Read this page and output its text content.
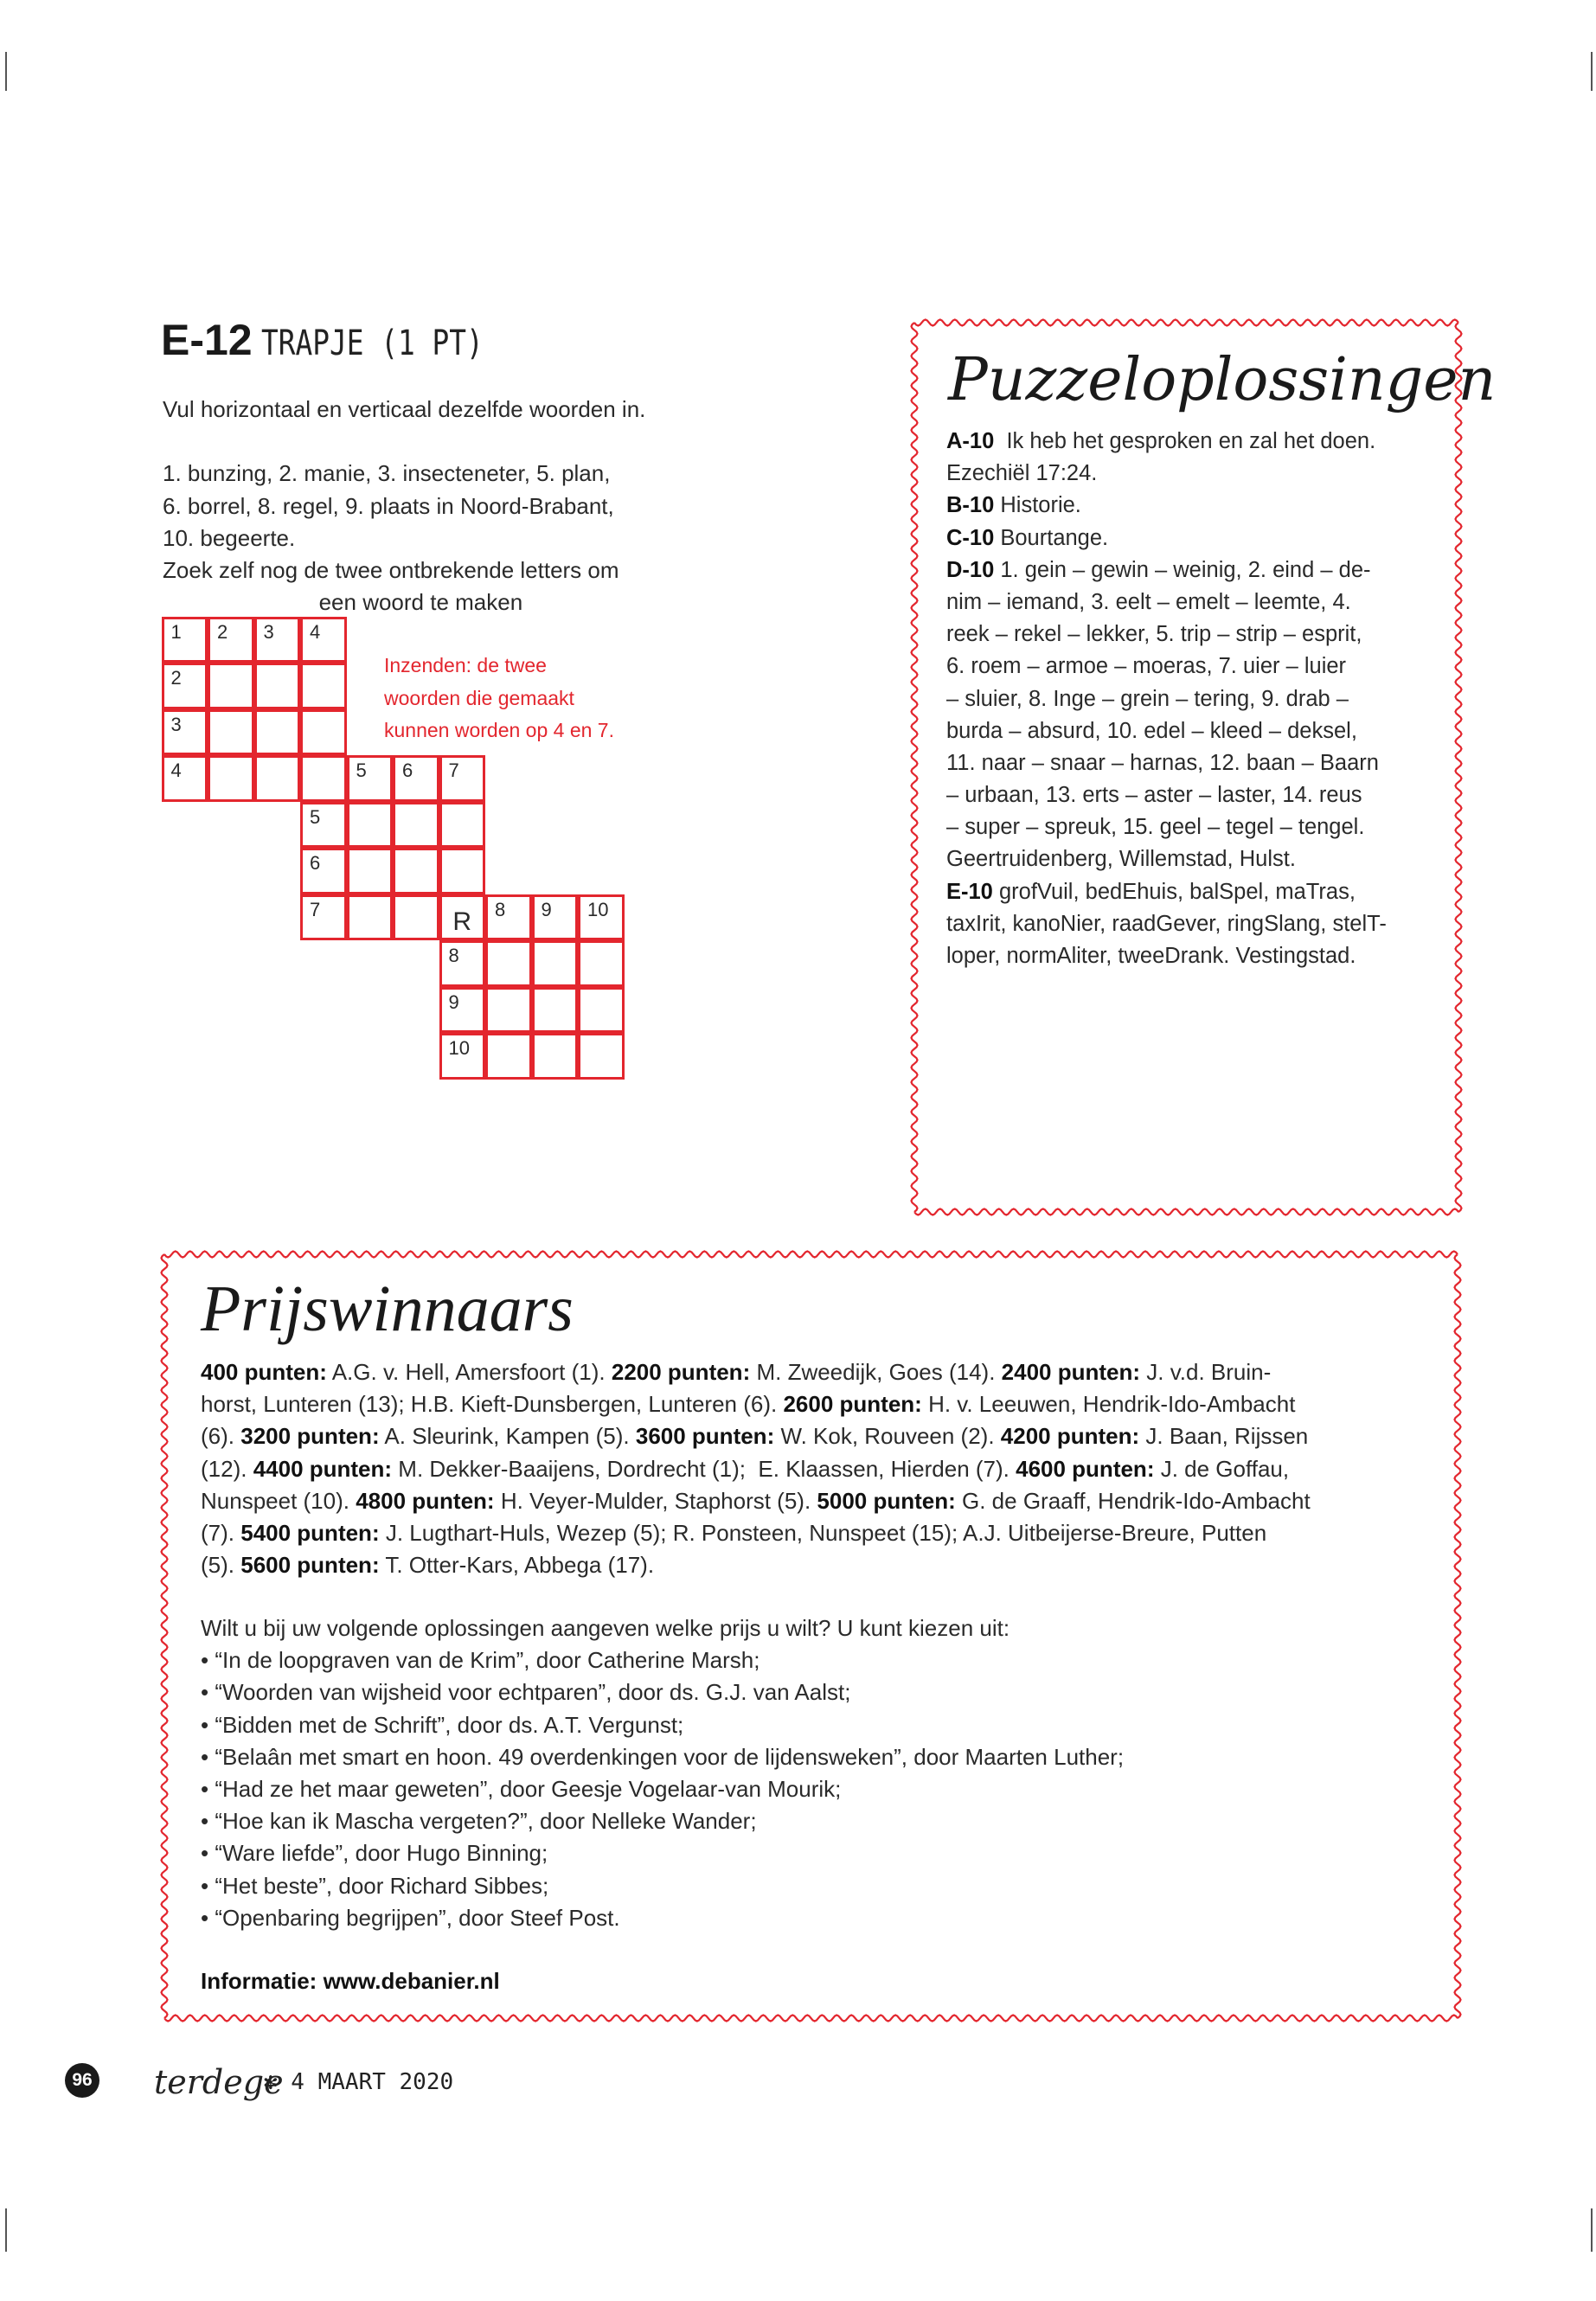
E-12 TRAPJE (1 PT)
Vul horizontaal en verticaal dezelfde woorden in.
1. bunzing, 2. manie, 3. insecteneter, 5. plan,
6. borrel, 8. regel, 9. plaats in Noord-Brabant,
10. begeerte.
Zoek zelf nog de twee ontbrekende letters om
een woord te maken
1 2 3 4
2
3
4	5 6 7
5
6
7	R	8 9 10
8
9
10
Inzenden: de twee
woorden die gemaakt
kunnen worden op 4 en 7.
Puzzeloplossingen
A-10  Ik heb het gesproken en zal het doen.
Ezechiël 17:24.
B-10 Historie.
C-10 Bourtange.
D-10 1. gein – gewin – weinig, 2. eind – de-
nim – iemand, 3. eelt – emelt – leemte, 4.
reek – rekel – lekker, 5. trip – strip – esprit,
6. roem – armoe – moeras, 7. uier – luier
– sluier, 8. Inge – grein – tering, 9. drab –
burda – absurd, 10. edel – kleed – deksel,
11. naar – snaar – harnas, 12. baan – Baarn
– urbaan, 13. erts – aster – laster, 14. reus
– super – spreuk, 15. geel – tegel – tengel.
Geertruidenberg, Willemstad, Hulst.
E-10 grofVuil, bedEhuis, balSpel, maTras,
taxIrit, kanoNier, raadGever, ringSlang, stelT-
loper, normAliter, tweeDrank. Vestingstad.
Prijswinnaars
400 punten: A.G. v. Hell, Amersfoort (1). 2200 punten: M. Zweedijk, Goes (14). 2400 punten: J. v.d. Bruin-
horst, Lunteren (13); H.B. Kieft-Dunsbergen, Lunteren (6). 2600 punten: H. v. Leeuwen, Hendrik-Ido-Ambacht
(6). 3200 punten: A. Sleurink, Kampen (5). 3600 punten: W. Kok, Rouveen (2). 4200 punten: J. Baan, Rijssen
(12). 4400 punten: M. Dekker-Baaijens, Dordrecht (1);  E. Klaassen, Hierden (7). 4600 punten: J. de Goffau,
Nunspeet (10). 4800 punten: H. Veyer-Mulder, Staphorst (5). 5000 punten: G. de Graaff, Hendrik-Ido-Ambacht
(7). 5400 punten: J. Lugthart-Huls, Wezep (5); R. Ponsteen, Nunspeet (15); A.J. Uitbeijerse-Breure, Putten
(5). 5600 punten: T. Otter-Kars, Abbega (17).
Wilt u bij uw volgende oplossingen aangeven welke prijs u wilt? U kunt kiezen uit:
• “In de loopgraven van de Krim”, door Catherine Marsh;
• “Woorden van wijsheid voor echtparen”, door ds. G.J. van Aalst;
• “Bidden met de Schrift”, door ds. A.T. Vergunst;
• “Belaân met smart en hoon. 49 overdenkingen voor de lijdensweken”, door Maarten Luther;
• “Had ze het maar geweten”, door Geesje Vogelaar-van Mourik;
• “Hoe kan ik Mascha vergeten?”, door Nelleke Wander;
• “Ware liefde”, door Hugo Binning;
• “Het beste”, door Richard Sibbes;
• “Openbaring begrijpen”, door Steef Post.
Informatie: www.debanier.nl
96 terdege
✻ 4 MAART 2020
